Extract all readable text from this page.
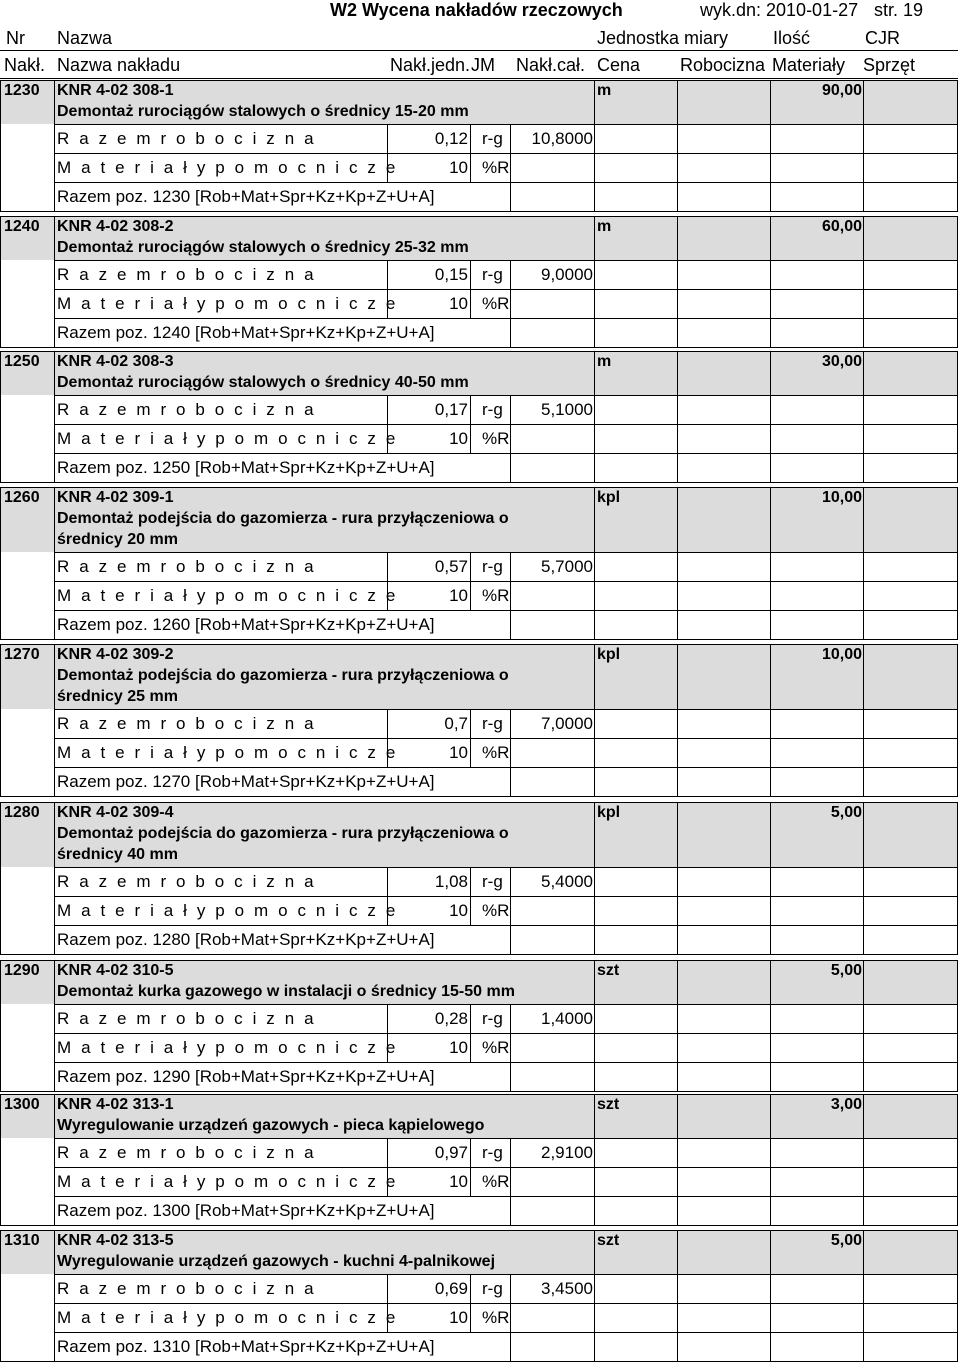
W2 Wycena nakładów rzeczowych	wyk.dn: 2010-01-27 str. 19
Nr Nazwa	Jednostka miary Ilość	CJR
Nakł. Nazwa nakładu	Nakł.jedn. JM Nakł.cał. Cena Robocizna Materiały Sprzęt
1230 KNR 4-02 308-1
Demontaż rurociągów stalowych o średnicy 15-20 mm
m	90,00
R a z e m r o b o c i z n a	0,12 r-g	10,8000
M a t e r i a ł y p o m o c n i c z e	10 %R
Razem poz. 1230 [Rob+Mat+Spr+Kz+Kp+Z+U+A]
1240 KNR 4-02 308-2
Demontaż rurociągów stalowych o średnicy 25-32 mm
m	60,00
R a z e m r o b o c i z n a	0,15 r-g	9,0000
M a t e r i a ł y p o m o c n i c z e	10 %R
Razem poz. 1240 [Rob+Mat+Spr+Kz+Kp+Z+U+A]
1250 KNR 4-02 308-3
Demontaż rurociągów stalowych o średnicy 40-50 mm
m	30,00
R a z e m r o b o c i z n a	0,17 r-g	5,1000
M a t e r i a ł y p o m o c n i c z e	10 %R
Razem poz. 1250 [Rob+Mat+Spr+Kz+Kp+Z+U+A]
1260 KNR 4-02 309-1
Demontaż podejścia do gazomierza - rura przyłączeniowa o
średnicy 20 mm
kpl	10,00
R a z e m r o b o c i z n a	0,57 r-g	5,7000
M a t e r i a ł y p o m o c n i c z e	10 %R
Razem poz. 1260 [Rob+Mat+Spr+Kz+Kp+Z+U+A]
1270 KNR 4-02 309-2
Demontaż podejścia do gazomierza - rura przyłączeniowa o
średnicy 25 mm
kpl	10,00
R a z e m r o b o c i z n a	0,7 r-g	7,0000
M a t e r i a ł y p o m o c n i c z e	10 %R
Razem poz. 1270 [Rob+Mat+Spr+Kz+Kp+Z+U+A]
1280 KNR 4-02 309-4
Demontaż podejścia do gazomierza - rura przyłączeniowa o
średnicy 40 mm
kpl	5,00
R a z e m r o b o c i z n a	1,08 r-g	5,4000
M a t e r i a ł y p o m o c n i c z e	10 %R
Razem poz. 1280 [Rob+Mat+Spr+Kz+Kp+Z+U+A]
1290 KNR 4-02 310-5
Demontaż kurka gazowego w instalacji o średnicy 15-50 mm
szt	5,00
R a z e m r o b o c i z n a	0,28 r-g	1,4000
M a t e r i a ł y p o m o c n i c z e	10 %R
Razem poz. 1290 [Rob+Mat+Spr+Kz+Kp+Z+U+A]
1300 KNR 4-02 313-1
Wyregulowanie urządzeń gazowych - pieca kąpielowego
szt	3,00
R a z e m r o b o c i z n a	0,97 r-g	2,9100
M a t e r i a ł y p o m o c n i c z e	10 %R
Razem poz. 1300 [Rob+Mat+Spr+Kz+Kp+Z+U+A]
1310 KNR 4-02 313-5
Wyregulowanie urządzeń gazowych - kuchni 4-palnikowej
szt	5,00
R a z e m r o b o c i z n a	0,69 r-g	3,4500
M a t e r i a ł y p o m o c n i c z e	10 %R
Razem poz. 1310 [Rob+Mat+Spr+Kz+Kp+Z+U+A]
